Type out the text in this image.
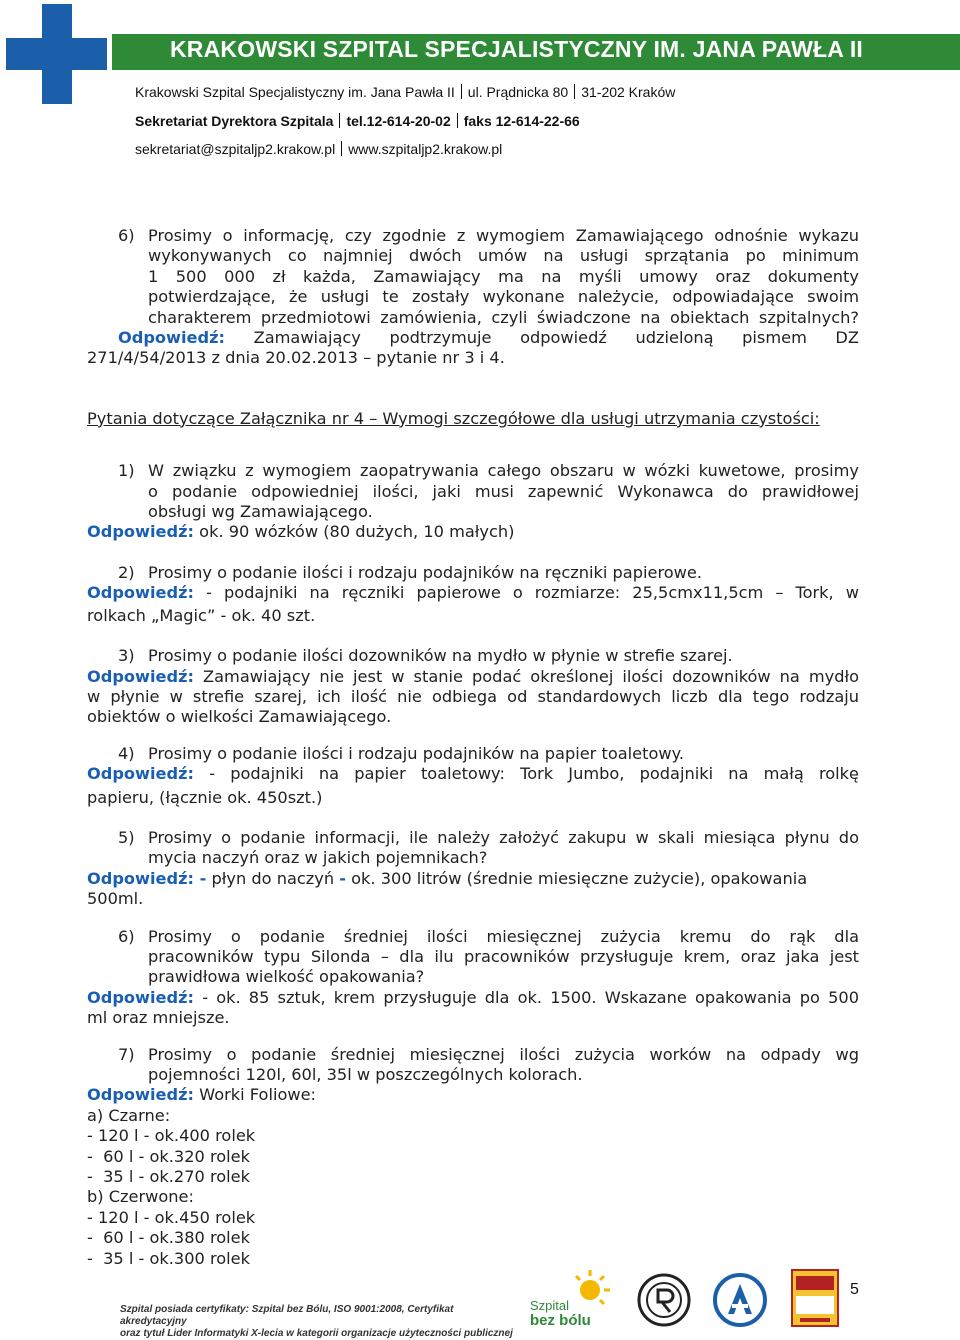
KRAKOWSKI SZPITAL SPECJALISTYCZNY IM. JANA PAWŁA II
Krakowski Szpital Specjalistyczny im. Jana Pawła II ul. Prądnicka 80 31-202 Kraków
Sekretariat Dyrektora Szpitala tel.12-614-20-02 faks 12-614-22-66
sekretariat@szpitaljp2.krakow.pl www.szpitaljp2.krakow.pl
6) Prosimy o informację, czy zgodnie z wymogiem Zamawiającego odnośnie wykazu

wykonywanych co najmniej dwóch umów na usługi sprzątania po minimum

1 500 000 zł każda, Zamawiający ma na myśli umowy oraz dokumenty

potwierdzające, że usługi te zostały wykonane należycie, odpowiadające swoim

charakterem przedmiotowi zamówienia, czyli świadczone na obiektach szpitalnych?

Odpowiedź: Zamawiający podtrzymuje odpowiedź udzieloną pismem DZ

271/4/54/2013 z dnia 20.02.2013 – pytanie nr 3 i 4.

Pytania dotyczące Załącznika nr 4 – Wymogi szczegółowe dla usługi utrzymania czystości:

1) W związku z wymogiem zaopatrywania całego obszaru w wózki kuwetowe, prosimy

o podanie odpowiedniej ilości, jaki musi zapewnić Wykonawca do prawidłowej

obsługi wg Zamawiającego.

Odpowiedź: ok. 90 wózków (80 dużych, 10 małych)

2) Prosimy o podanie ilości i rodzaju podajników na ręczniki papierowe.

Odpowiedź: - podajniki na ręczniki papierowe o rozmiarze: 25,5cmx11,5cm – Tork, w

rolkach „Magic” - ok. 40 szt.

3) Prosimy o podanie ilości dozowników na mydło w płynie w strefie szarej.

Odpowiedź: Zamawiający nie jest w stanie podać określonej ilości dozowników na mydło

w płynie w strefie szarej, ich ilość nie odbiega od standardowych liczb dla tego rodzaju

obiektów o wielkości Zamawiającego.

4) Prosimy o podanie ilości i rodzaju podajników na papier toaletowy.

Odpowiedź: - podajniki na papier toaletowy: Tork Jumbo, podajniki na małą rolkę

papieru, (łącznie ok. 450szt.)

5) Prosimy o podanie informacji, ile należy założyć zakupu w skali miesiąca płynu do

mycia naczyń oraz w jakich pojemnikach?

Odpowiedź: - płyn do naczyń - ok. 300 litrów (średnie miesięczne zużycie), opakowania

500ml.

6) Prosimy o podanie średniej ilości miesięcznej zużycia kremu do rąk dla

pracowników typu Silonda – dla ilu pracowników przysługuje krem, oraz jaka jest

prawidłowa wielkość opakowania?

Odpowiedź: - ok. 85 sztuk, krem przysługuje dla ok. 1500. Wskazane opakowania po 500

ml oraz mniejsze.

7) Prosimy o podanie średniej miesięcznej ilości zużycia worków na odpady wg

pojemności 120l, 60l, 35l w poszczególnych kolorach.

Odpowiedź: Worki Foliowe:

a) Czarne:

- 120 l - ok.400 rolek

-  60 l - ok.320 rolek

-  35 l - ok.270 rolek

b) Czerwone:

- 120 l - ok.450 rolek

-  60 l - ok.380 rolek

-  35 l - ok.300 rolek

Szpital posiada certyfikaty: Szpital bez Bólu, ISO 9001:2008, Certyfikat akredytacyjny
oraz tytuł Lider Informatyki X-lecia w kategorii organizacje użyteczności publicznej
Szpital
bez bólu
5
